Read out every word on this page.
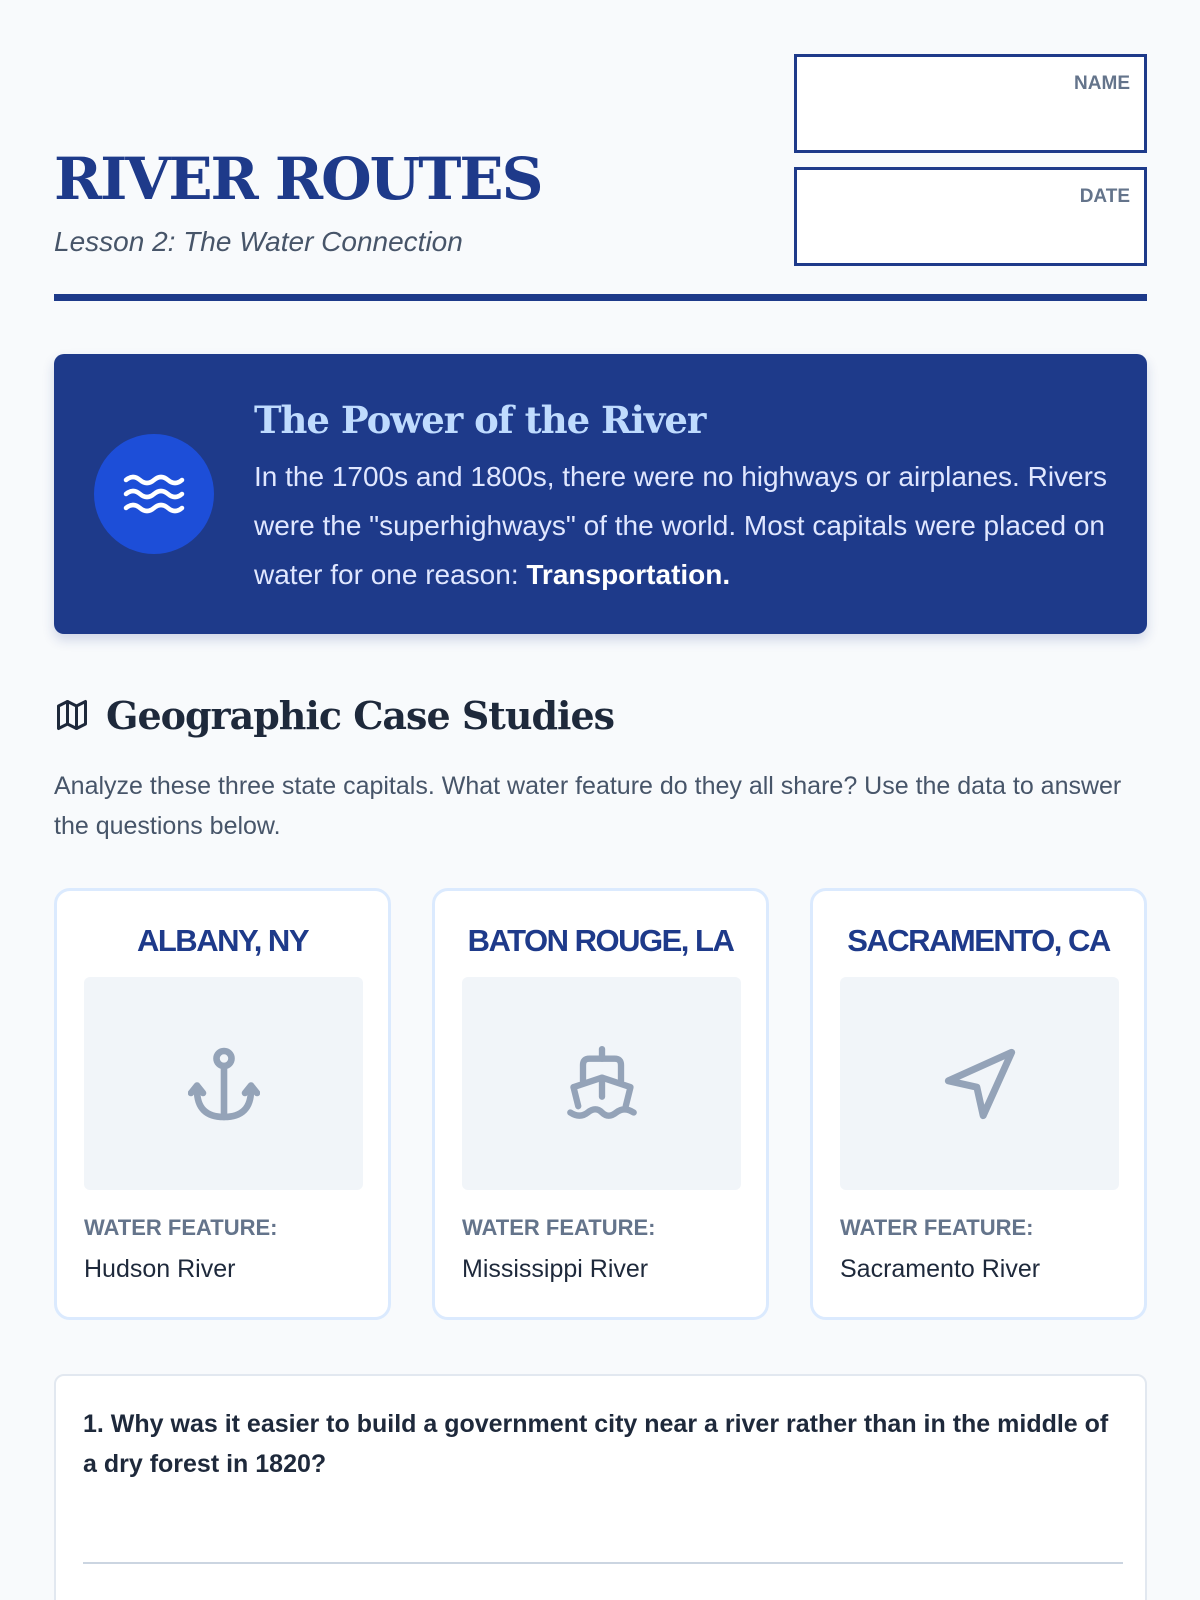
RIVER ROUTES
Lesson 2: The Water Connection
NAME
DATE
The Power of the River
In the 1700s and 1800s, there were no highways or airplanes. Rivers were the "superhighways" of the world. Most capitals were placed on water for one reason: Transportation.
Geographic Case Studies
Analyze these three state capitals. What water feature do they all share? Use the data to answer the questions below.
ALBANY, NY
WATER FEATURE:
Hudson River
BATON ROUGE, LA
WATER FEATURE:
Mississippi River
SACRAMENTO, CA
WATER FEATURE:
Sacramento River
1. Why was it easier to build a government city near a river rather than in the middle of a dry forest in 1820?
